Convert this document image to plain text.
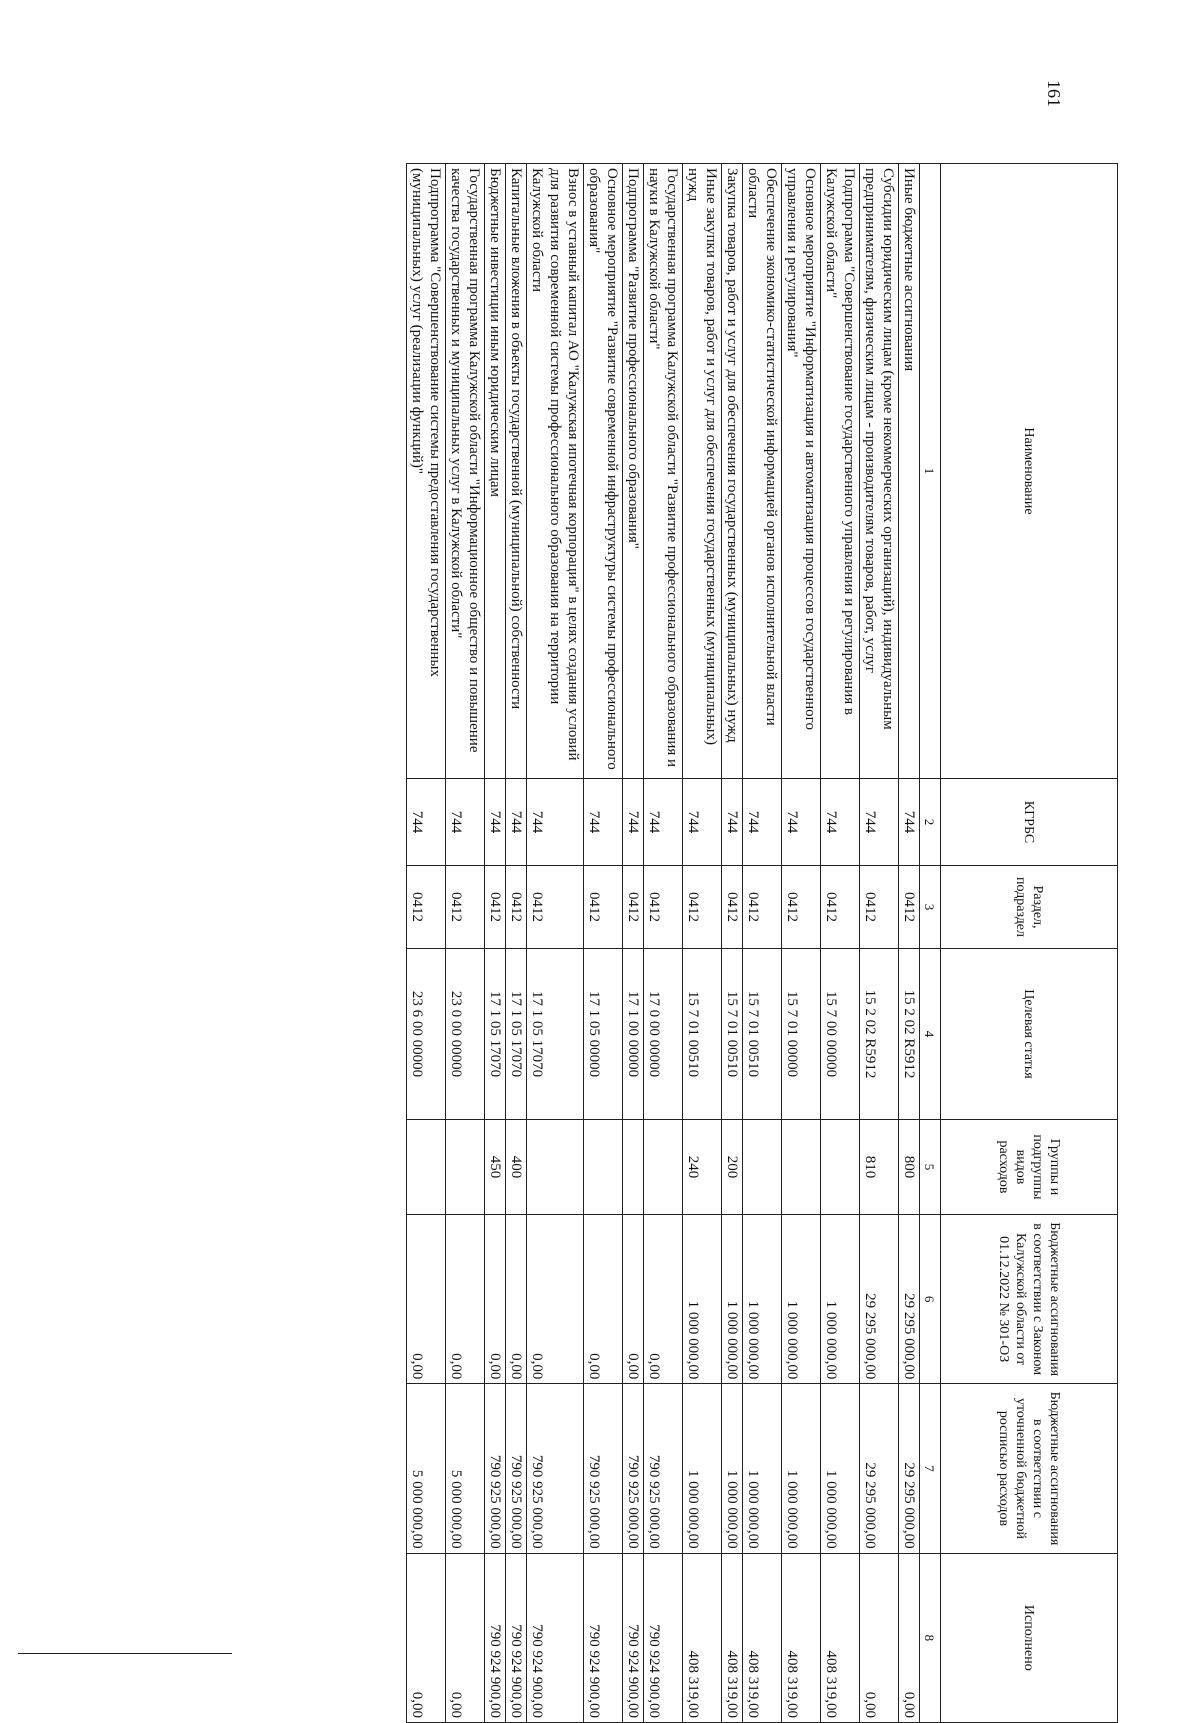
Наименование	КГРБС	Раздел, подраздел	Целевая статья	Группы и подгруппы видов расходов	Бюджетные ассигнования в соответствии с Законом Калужской области от 01.12.2022 № 301-ОЗ	Бюджетные ассигнования в соответствии с уточненной бюджетной росписью расходов	Исполнено
1	2	3	4	5	6	7	8
Иные бюджетные ассигнования	744	0412	15 2 02 R5912	800	29 295 000,00	29 295 000,00	0,00
Субсидии юридическим лицам (кроме некоммерческих организаций), индивидуальным предпринимателям, физическим лицам - производителям товаров, работ, услуг	744	0412	15 2 02 R5912	810	29 295 000,00	29 295 000,00	0,00
Подпрограмма "Совершенствование государственного управления и регулирования в Калужской области"	744	0412	15 7 00 00000		1 000 000,00	1 000 000,00	408 319,00
Основное мероприятие "Информатизация и автоматизация процессов государственного управления и регулирования"	744	0412	15 7 01 00000		1 000 000,00	1 000 000,00	408 319,00
Обеспечение экономико-статистической информацией органов исполнительной власти области	744	0412	15 7 01 00510		1 000 000,00	1 000 000,00	408 319,00
Закупка товаров, работ и услуг для обеспечения государственных (муниципальных) нужд	744	0412	15 7 01 00510	200	1 000 000,00	1 000 000,00	408 319,00
Иные закупки товаров, работ и услуг для обеспечения государственных (муниципальных) нужд	744	0412	15 7 01 00510	240	1 000 000,00	1 000 000,00	408 319,00
Государственная программа Калужской области "Развитие профессионального образования и науки в Калужской области"	744	0412	17 0 00 00000		0,00	790 925 000,00	790 924 900,00
Подпрограмма "Развитие профессионального образования"	744	0412	17 1 00 00000		0,00	790 925 000,00	790 924 900,00
Основное мероприятие "Развитие современной инфраструктуры системы профессионального образования"	744	0412	17 1 05 00000		0,00	790 925 000,00	790 924 900,00
Взнос в уставный капитал АО "Калужская ипотечная корпорация" в целях создания условий для развития современной системы профессионального образования на территории Калужской области	744	0412	17 1 05 17070		0,00	790 925 000,00	790 924 900,00
Капитальные вложения в объекты государственной (муниципальной) собственности	744	0412	17 1 05 17070	400	0,00	790 925 000,00	790 924 900,00
Бюджетные инвестиции иным юридическим лицам	744	0412	17 1 05 17070	450	0,00	790 925 000,00	790 924 900,00
Государственная программа Калужской области "Информационное общество и повышение качества государственных и муниципальных услуг в Калужской области"	744	0412	23 0 00 00000		0,00	5 000 000,00	0,00
Подпрограмма "Совершенствование системы предоставления государственных (муниципальных) услуг (реализации функций)"	744	0412	23 6 00 00000		0,00	5 000 000,00	0,00
161
